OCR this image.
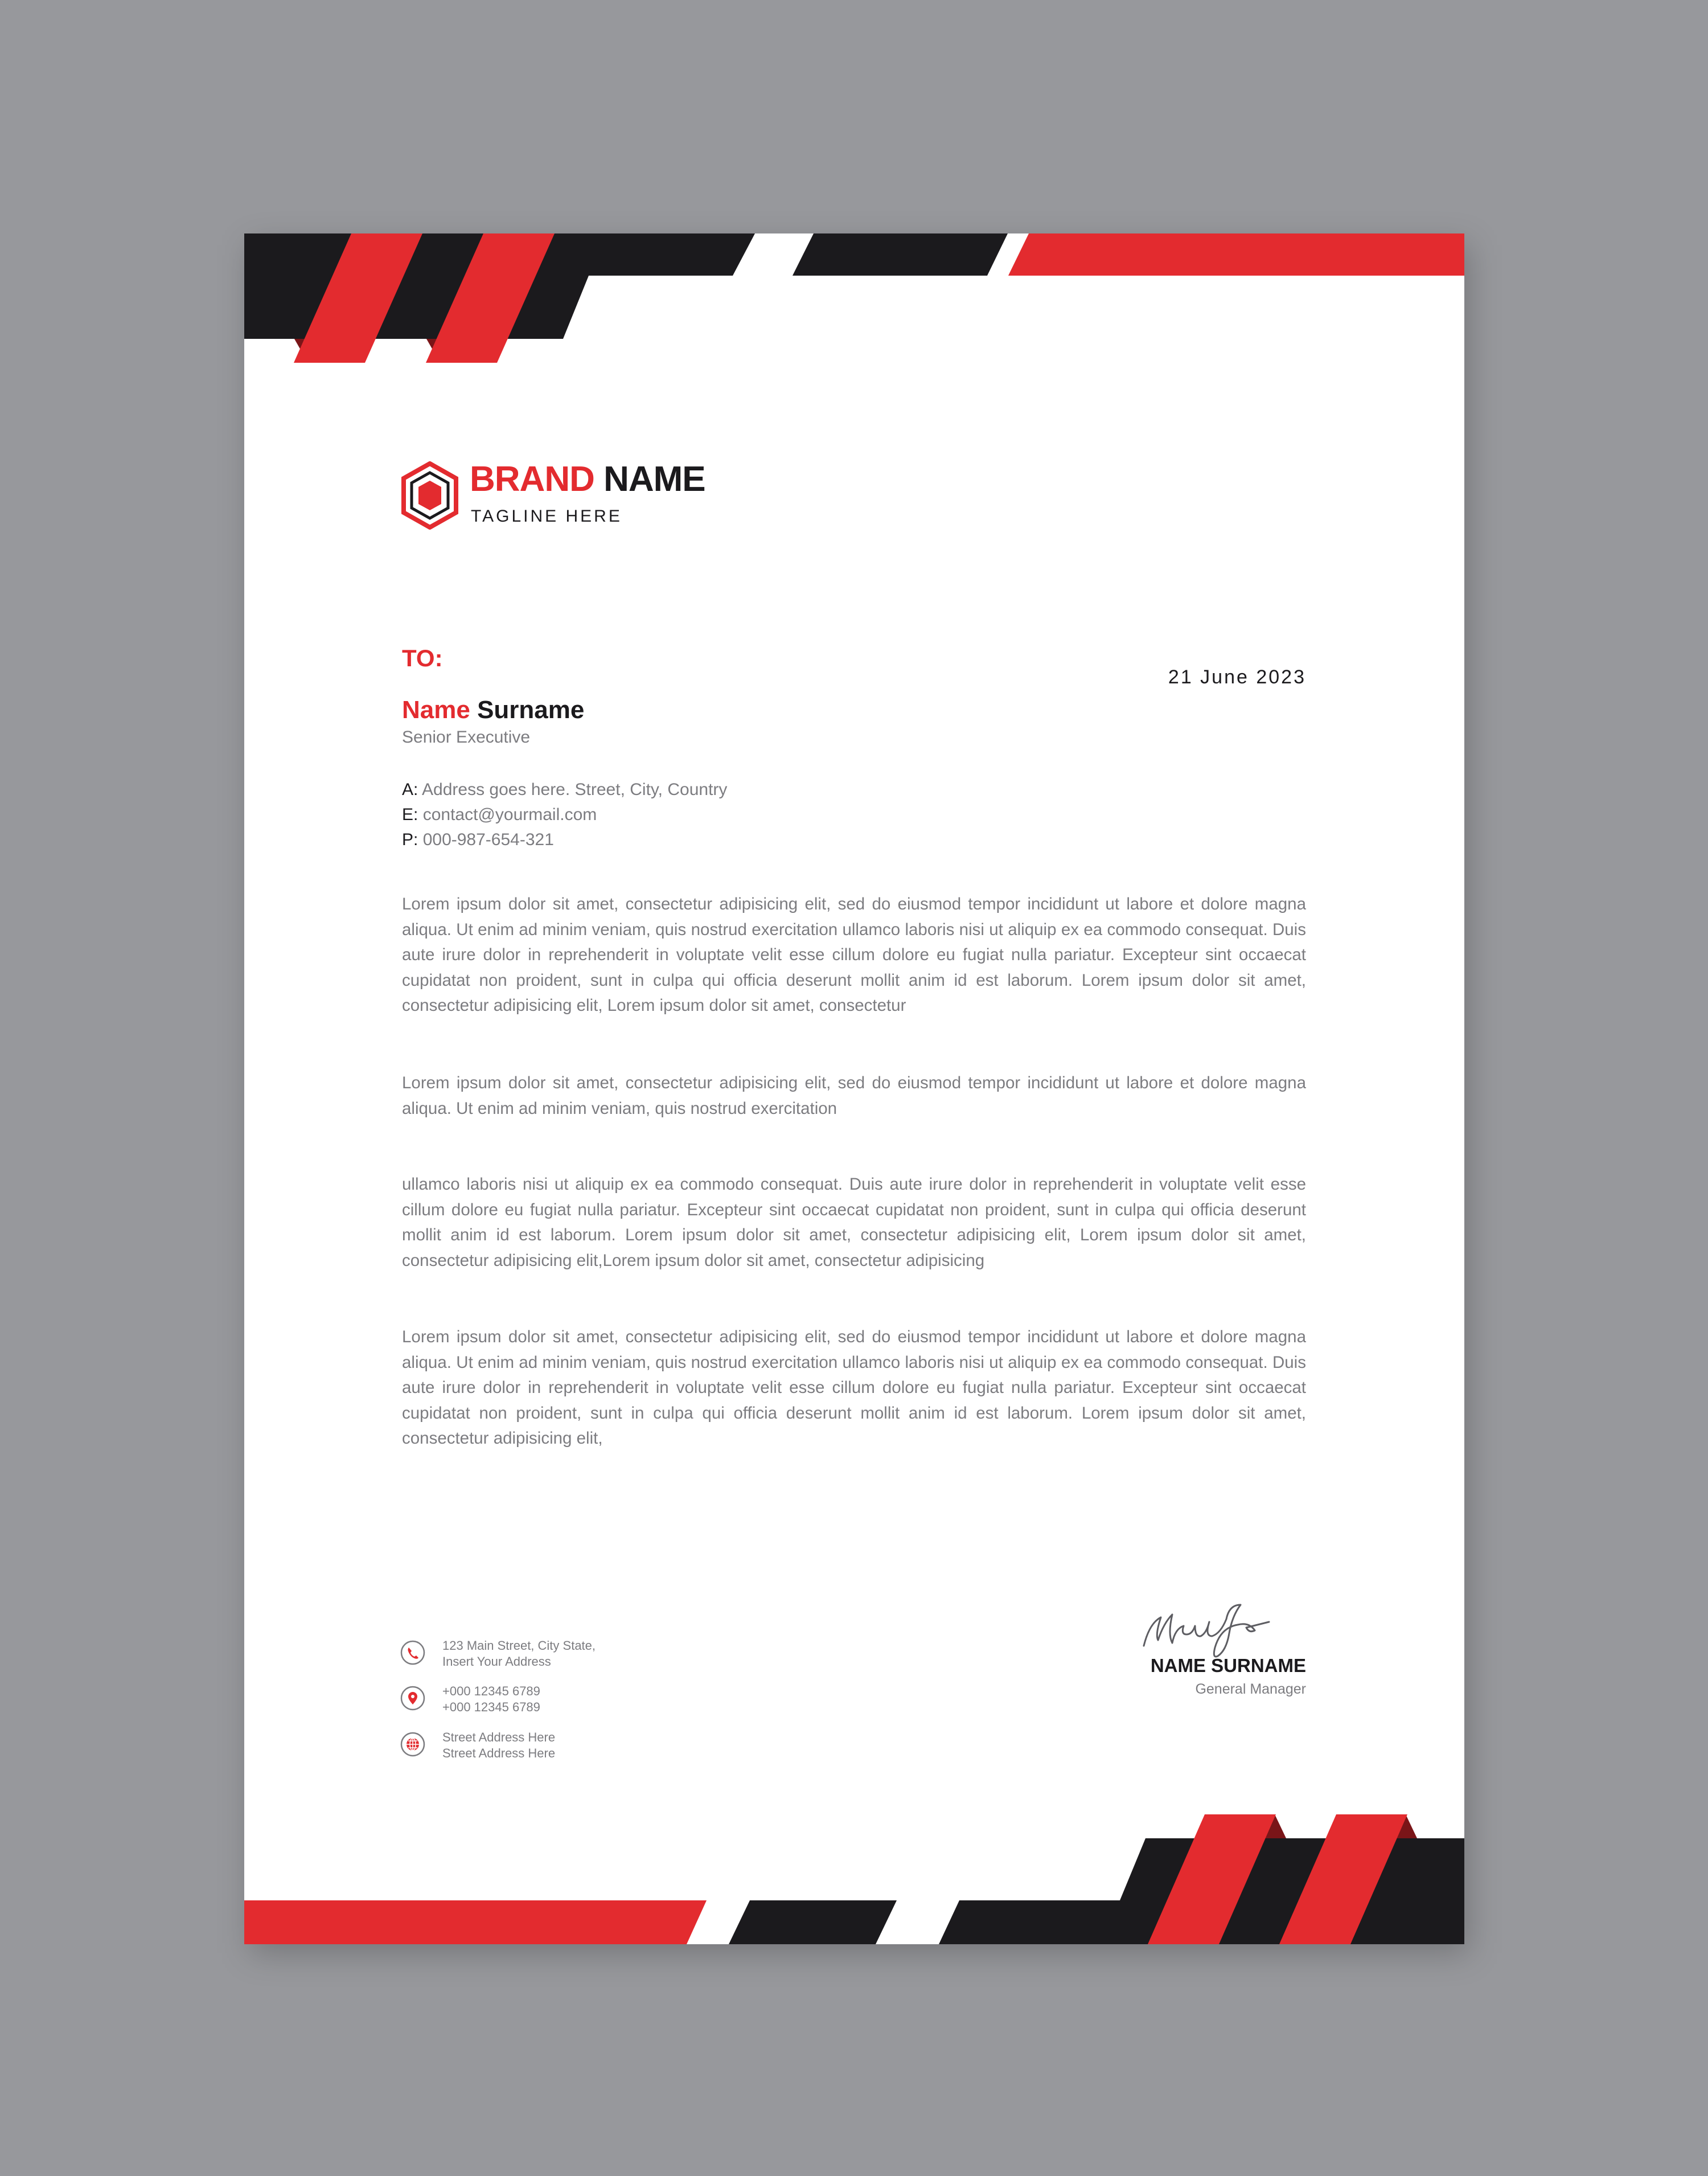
BRAND NAME
TAGLINE HERE
TO:
21 June 2023
Name Surname
Senior Executive
A: Address goes here. Street, City, Country
E: contact@yourmail.com
P: 000-987-654-321

Lorem ipsum dolor sit amet, consectetur adipisicing elit, sed do eiusmod tempor incididunt ut labore et dolore magna aliqua. Ut enim ad minim veniam, quis nostrud exercitation ullamco laboris nisi ut aliquip ex ea commodo consequat. Duis aute irure dolor in reprehenderit in voluptate velit esse cillum dolore eu fugiat nulla pariatur. Excepteur sint occaecat cupidatat non proident, sunt in culpa qui officia deserunt mollit anim id est laborum. Lorem ipsum dolor sit amet, consectetur adipisicing elit, Lorem ipsum dolor sit amet, consectetur

Lorem ipsum dolor sit amet, consectetur adipisicing elit, sed do eiusmod tempor incididunt ut labore et dolore magna aliqua. Ut enim ad minim veniam, quis nostrud exercitation

ullamco laboris nisi ut aliquip ex ea commodo consequat. Duis aute irure dolor in reprehenderit in voluptate velit esse cillum dolore eu fugiat nulla pariatur. Excepteur sint occaecat cupidatat non proident, sunt in culpa qui officia deserunt mollit anim id est laborum. Lorem ipsum dolor sit amet, consectetur adipisicing elit, Lorem ipsum dolor sit amet, consectetur adipisicing elit,Lorem ipsum dolor sit amet, consectetur adipisicing

Lorem ipsum dolor sit amet, consectetur adipisicing elit, sed do eiusmod tempor incididunt ut labore et dolore magna aliqua. Ut enim ad minim veniam, quis nostrud exercitation ullamco laboris nisi ut aliquip ex ea commodo consequat. Duis aute irure dolor in reprehenderit in voluptate velit esse cillum dolore eu fugiat nulla pariatur. Excepteur sint occaecat cupidatat non proident, sunt in culpa qui officia deserunt mollit anim id est laborum. Lorem ipsum dolor sit amet, consectetur adipisicing elit,

123 Main Street, City State,
Insert Your Address
+000 12345 6789
+000 12345 6789
Street Address Here
Street Address Here
NAME SURNAME
General Manager
